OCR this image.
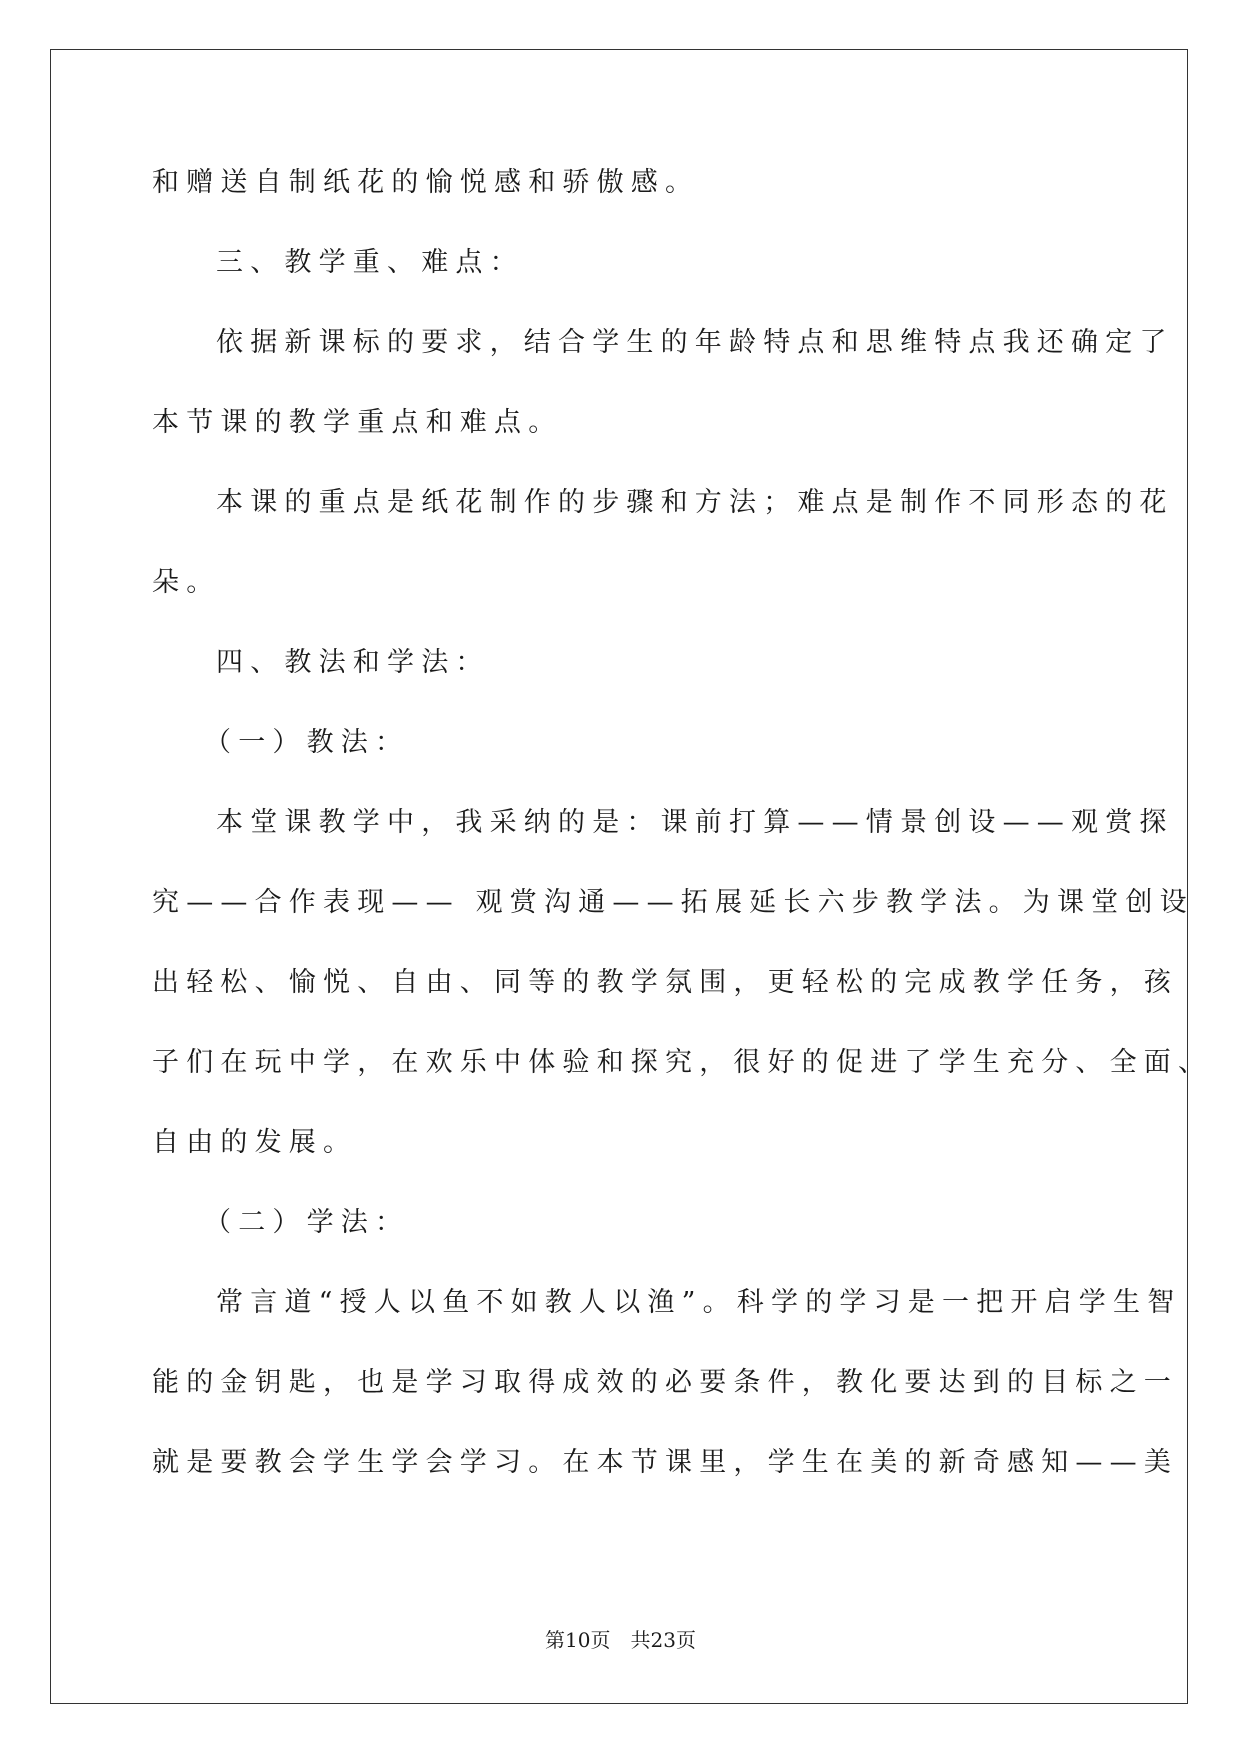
和赠送自制纸花的愉悦感和骄傲感。
三、教学重、难点：
依据新课标的要求，结合学生的年龄特点和思维特点我还确定了
本节课的教学重点和难点。
本课的重点是纸花制作的步骤和方法；难点是制作不同形态的花
朵。
四、教法和学法：
（一）教法：
本堂课教学中，我采纳的是：课前打算——情景创设——观赏探
究——合作表现—— 观赏沟通——拓展延长六步教学法。为课堂创设
出轻松、愉悦、自由、同等的教学氛围，更轻松的完成教学任务，孩
子们在玩中学，在欢乐中体验和探究，很好的促进了学生充分、全面、
自由的发展。
（二）学法：
常言道“授人以鱼不如教人以渔”。科学的学习是一把开启学生智
能的金钥匙，也是学习取得成效的必要条件，教化要达到的目标之一
就是要教会学生学会学习。在本节课里，学生在美的新奇感知——美
第10页　共23页
